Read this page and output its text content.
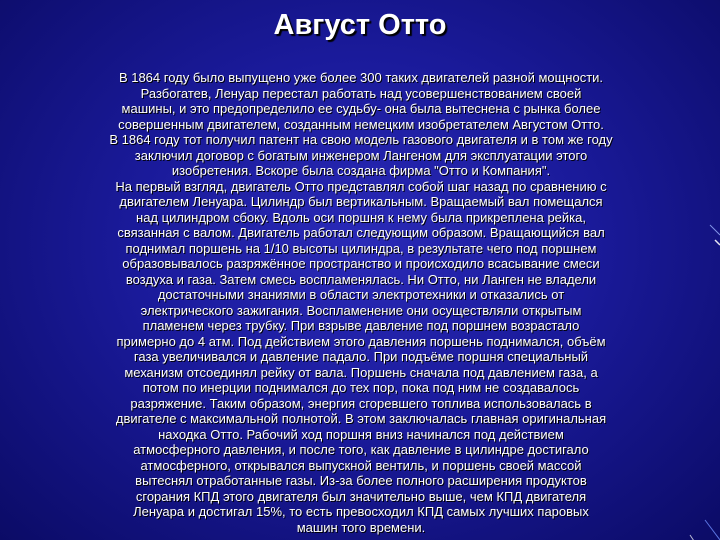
Август Отто
В 1864 году было выпущено уже более 300 таких двигателей разной мощности.
Разбогатев, Ленуар перестал работать над усовершенствованием своей
машины, и это предопределило ее судьбу- она была вытеснена с рынка более
совершенным двигателем, созданным немецким изобретателем Августом Отто.
В 1864 году тот получил патент на свою модель газового двигателя и в том же году
заключил договор с богатым инженером Лангеном для эксплуатации этого
изобретения. Вскоре была создана фирма "Отто и Компания".
На первый взгляд, двигатель Отто представлял собой шаг назад по сравнению с
двигателем Ленуара. Цилиндр был вертикальным. Вращаемый вал помещался
над цилиндром сбоку. Вдоль оси поршня к нему была прикреплена рейка,
связанная с валом. Двигатель работал следующим образом. Вращающийся вал
поднимал поршень на 1/10 высоты цилиндра, в результате чего под поршнем
образовывалось разряжённое пространство и происходило всасывание смеси
воздуха и газа. Затем смесь воспламенялась. Ни Отто, ни Ланген не владели
достаточными знаниями в области электротехники и отказались от
электрического зажигания. Воспламенение они осуществляли открытым
пламенем через трубку. При взрыве давление под поршнем возрастало
примерно до 4 атм. Под действием этого давления поршень поднимался, объём
газа увеличивался и давление падало. При подъёме поршня специальный
механизм отсоединял рейку от вала. Поршень сначала под давлением газа, а
потом по инерции поднимался до тех пор, пока под ним не создавалось
разряжение. Таким образом, энергия сгоревшего топлива использовалась в
двигателе с максимальной полнотой. В этом заключалась главная оригинальная
находка Отто. Рабочий ход поршня вниз начинался под действием
атмосферного давления, и после того, как давление в цилиндре достигало
атмосферного, открывался выпускной вентиль, и поршень своей массой
вытеснял отработанные газы. Из-за более полного расширения продуктов
сгорания КПД этого двигателя был значительно выше, чем КПД двигателя
Ленуара и достигал 15%, то есть превосходил КПД самых лучших паровых
машин того времени.
